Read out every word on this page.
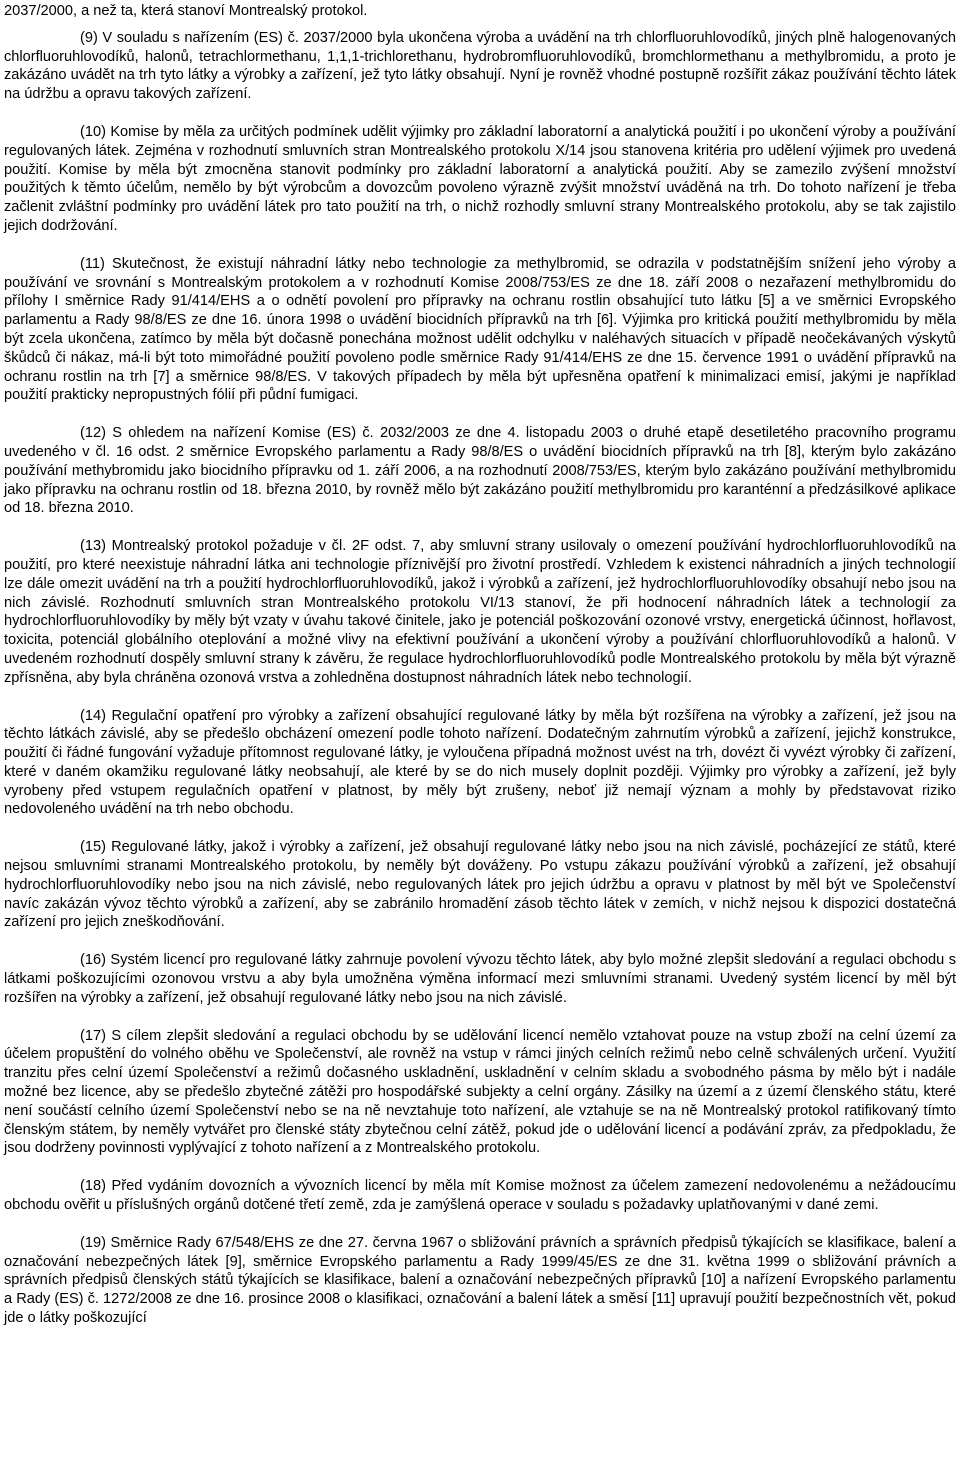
2037/2000, a než ta, která stanoví Montrealský protokol.

(9) V souladu s nařízením (ES) č. 2037/2000 byla ukončena výroba a uvádění na trh chlorfluoruhlovodíků, jiných plně halogenovaných chlorfluoruhlovodíků, halonů, tetrachlormethanu, 1,1,1-trichlorethanu, hydrobromfluoruhlovodíků, bromchlormethanu a methylbromidu, a proto je zakázáno uvádět na trh tyto látky a výrobky a zařízení, jež tyto látky obsahují. Nyní je rovněž vhodné postupně rozšířit zákaz používání těchto látek na údržbu a opravu takových zařízení.

(10) Komise by měla za určitých podmínek udělit výjimky pro základní laboratorní a analytická použití i po ukončení výroby a používání regulovaných látek. Zejména v rozhodnutí smluvních stran Montrealského protokolu X/14 jsou stanovena kritéria pro udělení výjimek pro uvedená použití. Komise by měla být zmocněna stanovit podmínky pro základní laboratorní a analytická použití. Aby se zamezilo zvýšení množství použitých k těmto účelům, nemělo by být výrobcům a dovozcům povoleno výrazně zvýšit množství uváděná na trh. Do tohoto nařízení je třeba začlenit zvláštní podmínky pro uvádění látek pro tato použití na trh, o nichž rozhodly smluvní strany Montrealského protokolu, aby se tak zajistilo jejich dodržování.

(11) Skutečnost, že existují náhradní látky nebo technologie za methylbromid, se odrazila v podstatnějším snížení jeho výroby a používání ve srovnání s Montrealským protokolem a v rozhodnutí Komise 2008/753/ES ze dne 18. září 2008 o nezařazení methylbromidu do přílohy I směrnice Rady 91/414/EHS a o odnětí povolení pro přípravky na ochranu rostlin obsahující tuto látku [5] a ve směrnici Evropského parlamentu a Rady 98/8/ES ze dne 16. února 1998 o uvádění biocidních přípravků na trh [6]. Výjimka pro kritická použití methylbromidu by měla být zcela ukončena, zatímco by měla být dočasně ponechána možnost udělit odchylku v naléhavých situacích v případě neočekávaných výskytů škůdců či nákaz, má-li být toto mimořádné použití povoleno podle směrnice Rady 91/414/EHS ze dne 15. července 1991 o uvádění přípravků na ochranu rostlin na trh [7] a směrnice 98/8/ES. V takových případech by měla být upřesněna opatření k minimalizaci emisí, jakými je například použití prakticky nepropustných fólií při půdní fumigaci.

(12) S ohledem na nařízení Komise (ES) č. 2032/2003 ze dne 4. listopadu 2003 o druhé etapě desetiletého pracovního programu uvedeného v čl. 16 odst. 2 směrnice Evropského parlamentu a Rady 98/8/ES o uvádění biocidních přípravků na trh [8], kterým bylo zakázáno používání methybromidu jako biocidního přípravku od 1. září 2006, a na rozhodnutí 2008/753/ES, kterým bylo zakázáno používání methylbromidu jako přípravku na ochranu rostlin od 18. března 2010, by rovněž mělo být zakázáno použití methylbromidu pro karanténní a předzásilkové aplikace od 18. března 2010.

(13) Montrealský protokol požaduje v čl. 2F odst. 7, aby smluvní strany usilovaly o omezení používání hydrochlorfluoruhlovodíků na použití, pro které neexistuje náhradní látka ani technologie příznivější pro životní prostředí. Vzhledem k existenci náhradních a jiných technologií lze dále omezit uvádění na trh a použití hydrochlorfluoruhlovodíků, jakož i výrobků a zařízení, jež hydrochlorfluoruhlovodíky obsahují nebo jsou na nich závislé. Rozhodnutí smluvních stran Montrealského protokolu VI/13 stanoví, že při hodnocení náhradních látek a technologií za hydrochlorfluoruhlovodíky by měly být vzaty v úvahu takové činitele, jako je potenciál poškozování ozonové vrstvy, energetická účinnost, hořlavost, toxicita, potenciál globálního oteplování a možné vlivy na efektivní používání a ukončení výroby a používání chlorfluoruhlovodíků a halonů. V uvedeném rozhodnutí dospěly smluvní strany k závěru, že regulace hydrochlorfluoruhlovodíků podle Montrealského protokolu by měla být výrazně zpřísněna, aby byla chráněna ozonová vrstva a zohledněna dostupnost náhradních látek nebo technologií.

(14) Regulační opatření pro výrobky a zařízení obsahující regulované látky by měla být rozšířena na výrobky a zařízení, jež jsou na těchto látkách závislé, aby se předešlo obcházení omezení podle tohoto nařízení. Dodatečným zahrnutím výrobků a zařízení, jejichž konstrukce, použití či řádné fungování vyžaduje přítomnost regulované látky, je vyloučena případná možnost uvést na trh, dovézt či vyvézt výrobky či zařízení, které v daném okamžiku regulované látky neobsahují, ale které by se do nich musely doplnit později. Výjimky pro výrobky a zařízení, jež byly vyrobeny před vstupem regulačních opatření v platnost, by měly být zrušeny, neboť již nemají význam a mohly by představovat riziko nedovoleného uvádění na trh nebo obchodu.

(15) Regulované látky, jakož i výrobky a zařízení, jež obsahují regulované látky nebo jsou na nich závislé, pocházející ze států, které nejsou smluvními stranami Montrealského protokolu, by neměly být dováženy. Po vstupu zákazu používání výrobků a zařízení, jež obsahují hydrochlorfluoruhlovodíky nebo jsou na nich závislé, nebo regulovaných látek pro jejich údržbu a opravu v platnost by měl být ve Společenství navíc zakázán vývoz těchto výrobků a zařízení, aby se zabránilo hromadění zásob těchto látek v zemích, v nichž nejsou k dispozici dostatečná zařízení pro jejich zneškodňování.

(16) Systém licencí pro regulované látky zahrnuje povolení vývozu těchto látek, aby bylo možné zlepšit sledování a regulaci obchodu s látkami poškozujícími ozonovou vrstvu a aby byla umožněna výměna informací mezi smluvními stranami. Uvedený systém licencí by měl být rozšířen na výrobky a zařízení, jež obsahují regulované látky nebo jsou na nich závislé.

(17) S cílem zlepšit sledování a regulaci obchodu by se udělování licencí nemělo vztahovat pouze na vstup zboží na celní území za účelem propuštění do volného oběhu ve Společenství, ale rovněž na vstup v rámci jiných celních režimů nebo celně schválených určení. Využití tranzitu přes celní území Společenství a režimů dočasného uskladnění, uskladnění v celním skladu a svobodného pásma by mělo být i nadále možné bez licence, aby se předešlo zbytečné zátěži pro hospodářské subjekty a celní orgány. Zásilky na území a z území členského státu, které není součástí celního území Společenství nebo se na ně nevztahuje toto nařízení, ale vztahuje se na ně Montrealský protokol ratifikovaný tímto členským státem, by neměly vytvářet pro členské státy zbytečnou celní zátěž, pokud jde o udělování licencí a podávání zpráv, za předpokladu, že jsou dodrženy povinnosti vyplývající z tohoto nařízení a z Montrealského protokolu.

(18) Před vydáním dovozních a vývozních licencí by měla mít Komise možnost za účelem zamezení nedovolenému a nežádoucímu obchodu ověřit u příslušných orgánů dotčené třetí země, zda je zamýšlená operace v souladu s požadavky uplatňovanými v dané zemi.

(19) Směrnice Rady 67/548/EHS ze dne 27. června 1967 o sbližování právních a správních předpisů týkajících se klasifikace, balení a označování nebezpečných látek [9], směrnice Evropského parlamentu a Rady 1999/45/ES ze dne 31. května 1999 o sbližování právních a správních předpisů členských států týkajících se klasifikace, balení a označování nebezpečných přípravků [10] a nařízení Evropského parlamentu a Rady (ES) č. 1272/2008 ze dne 16. prosince 2008 o klasifikaci, označování a balení látek a směsí [11] upravují použití bezpečnostních vět, pokud jde o látky poškozující
